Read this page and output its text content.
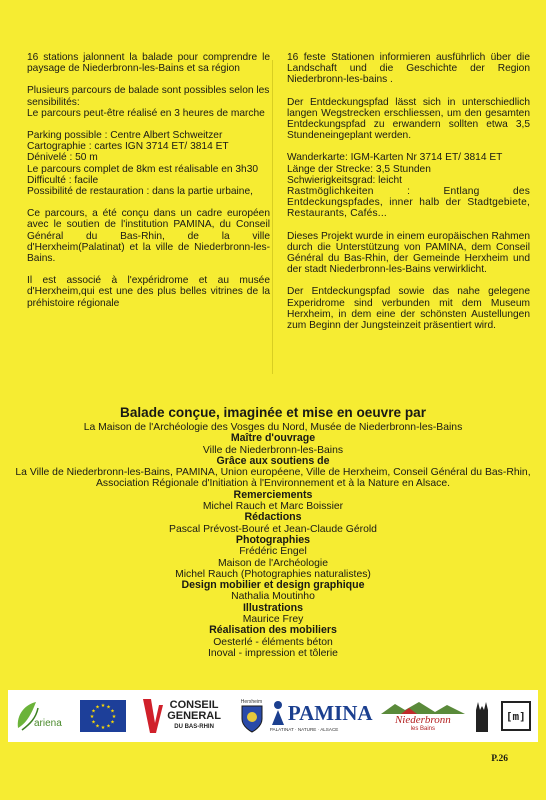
16 stations jalonnent la balade pour comprendre le paysage de Niederbronn-les-Bains et sa région

Plusieurs parcours de balade sont possibles selon les sensibilités:
Le parcours peut-être réalisé en 3 heures de marche

Parking possible : Centre Albert Schweitzer
Cartographie : cartes IGN 3714 ET/ 3814 ET
Dénivelé : 50 m
Le parcours complet de 8km est réalisable en 3h30
Difficulté : facile
Possibilité de restauration : dans la partie urbaine,

Ce parcours, a été conçu dans un cadre européen avec le soutien de l'institution PAMINA, du Conseil Général du Bas-Rhin, de la ville d'Herxheim(Palatinat) et la ville de Niederbronn-les-Bains.

Il est associé à l'expéridrome et au musée d'Herxheim,qui est une des plus belles vitrines de la préhistoire régionale

16 feste Stationen informieren ausführlich über die Landschaft und die Geschichte der Region Niederbronn-les-bains .

Der Entdeckungspfad lässt sich in unterschiedlich langen Wegstrecken erschliessen, um den gesamten Entdeckungspfad zu erwandern sollten etwa 3,5 Stundeneingeplant werden.

Wanderkarte: IGM-Karten Nr 3714 ET/ 3814 ET
Länge der Strecke: 3,5 Stunden
Schwierigkeitsgrad: leicht
Rastmöglichkeiten : Entlang des Entdeckungspfades, inner halb der Stadtgebiete, Restaurants, Cafés...

Dieses Projekt wurde in einem europäischen Rahmen durch die Unterstützung von PAMINA, dem Conseil Général du Bas-Rhin, der Gemeinde Herxheim und der stadt Niederbronn-les-Bains verwirklicht.

Der Entdeckungspfad sowie das nahe gelegene Experidrome sind verbunden mit dem Museum Herxheim, in dem eine der schönsten Austellungen zum Beginn der Jungsteinzeit präsentiert wird.

Balade conçue, imaginée et mise en oeuvre par
La Maison de l'Archéologie des Vosges du Nord, Musée de Niederbronn-les-Bains
Maître d'ouvrage
Ville de Niederbronn-les-Bains
Grâce aux soutiens de
La Ville de Niederbronn-les-Bains, PAMINA, Union européene, Ville de Herxheim, Conseil Général du Bas-Rhin, Association Régionale d'Initiation à l'Environnement et à la Nature en Alsace.
Remerciements
Michel Rauch et Marc Boissier
Rédactions
Pascal Prévost-Bouré et Jean-Claude Gérold
Photographies
Frédéric Engel
Maison de l'Archéologie
Michel Rauch (Photographies naturalistes)
Design mobilier et design graphique
Nathalia Moutinho
Illustrations
Maurice Frey
Réalisation des mobiliers
Oesterlé - éléments béton
Inoval - impression et tôlerie
ariena
★ ★
★
★
★
★
★
★
★
★
★
★	CONSEIL
GENERAL
DU BAS-RHIN
Herxheim PAMINA
PALATINAT · NATURE · ALSACE
Niederbronn
les Bains
[m]
P.26
